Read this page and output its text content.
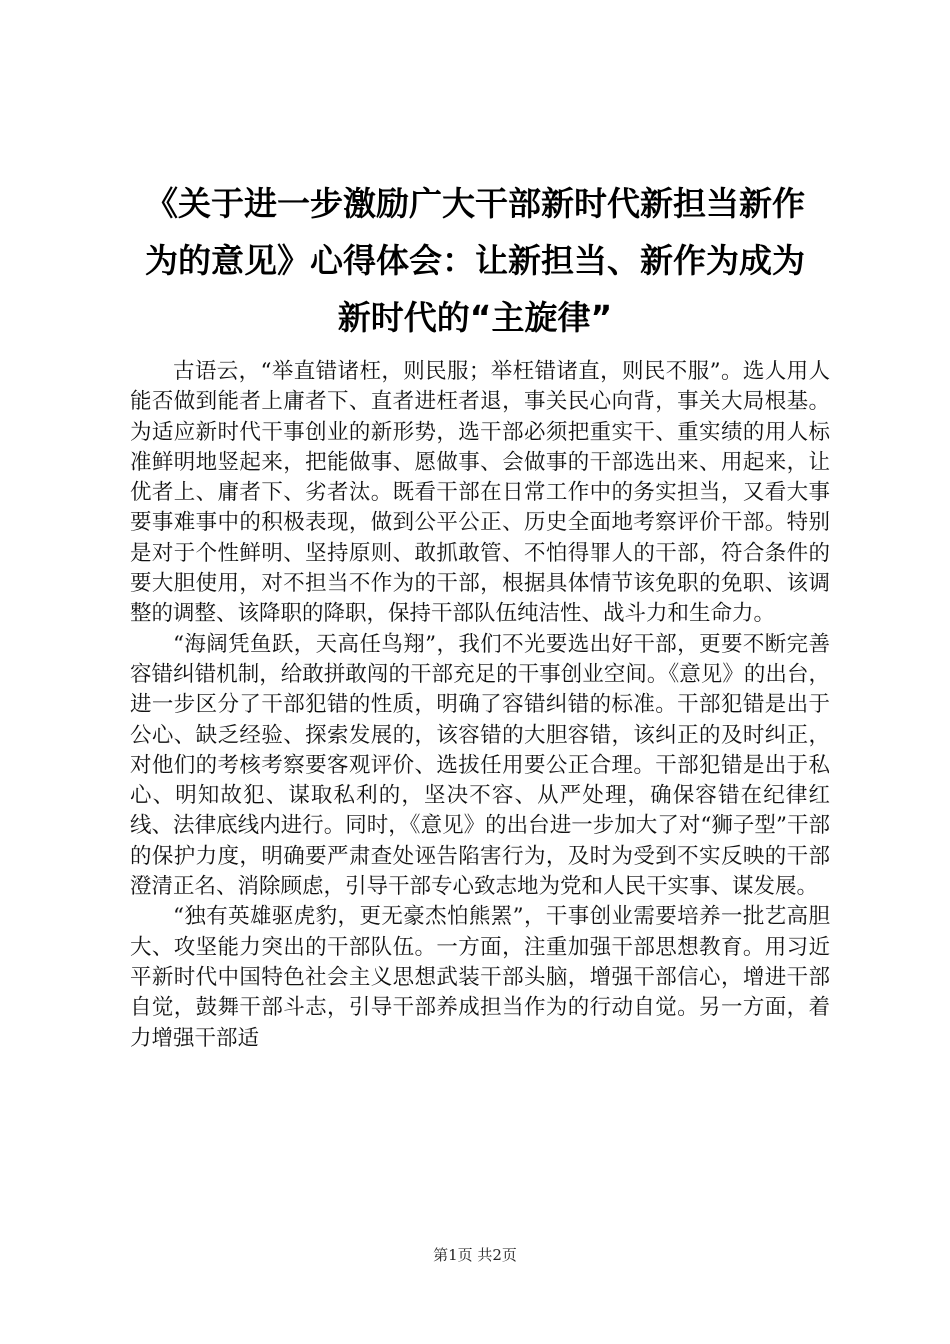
《关于进一步激励广大干部新时代新担当新作
为的意见》心得体会：让新担当、新作为成为
新时代的“主旋律”

古语云，“举直错诸枉，则民服；举枉错诸直，则民不服”。选人用人能否做到能者上庸者下、直者进枉者退，事关民心向背，事关大局根基。为适应新时代干事创业的新形势，选干部必须把重实干、重实绩的用人标准鲜明地竖起来，把能做事、愿做事、会做事的干部选出来、用起来，让优者上、庸者下、劣者汰。既看干部在日常工作中的务实担当，又看大事要事难事中的积极表现，做到公平公正、历史全面地考察评价干部。特别是对于个性鲜明、坚持原则、敢抓敢管、不怕得罪人的干部，符合条件的要大胆使用，对不担当不作为的干部，根据具体情节该免职的免职、该调整的调整、该降职的降职，保持干部队伍纯洁性、战斗力和生命力。

“海阔凭鱼跃，天高任鸟翔”，我们不光要选出好干部，更要不断完善容错纠错机制，给敢拼敢闯的干部充足的干事创业空间。《意见》的出台，进一步区分了干部犯错的性质，明确了容错纠错的标准。干部犯错是出于公心、缺乏经验、探索发展的，该容错的大胆容错，该纠正的及时纠正，对他们的考核考察要客观评价、选拔任用要公正合理。干部犯错是出于私心、明知故犯、谋取私利的，坚决不容、从严处理，确保容错在纪律红线、法律底线内进行。同时，《意见》的出台进一步加大了对“狮子型”干部的保护力度，明确要严肃查处诬告陷害行为，及时为受到不实反映的干部澄清正名、消除顾虑，引导干部专心致志地为党和人民干实事、谋发展。

“独有英雄驱虎豹，更无豪杰怕熊罴”，干事创业需要培养一批艺高胆大、攻坚能力突出的干部队伍。一方面，注重加强干部思想教育。用习近平新时代中国特色社会主义思想武装干部头脑，增强干部信心，增进干部自觉，鼓舞干部斗志，引导干部养成担当作为的行动自觉。另一方面，着力增强干部适

第1页 共2页
